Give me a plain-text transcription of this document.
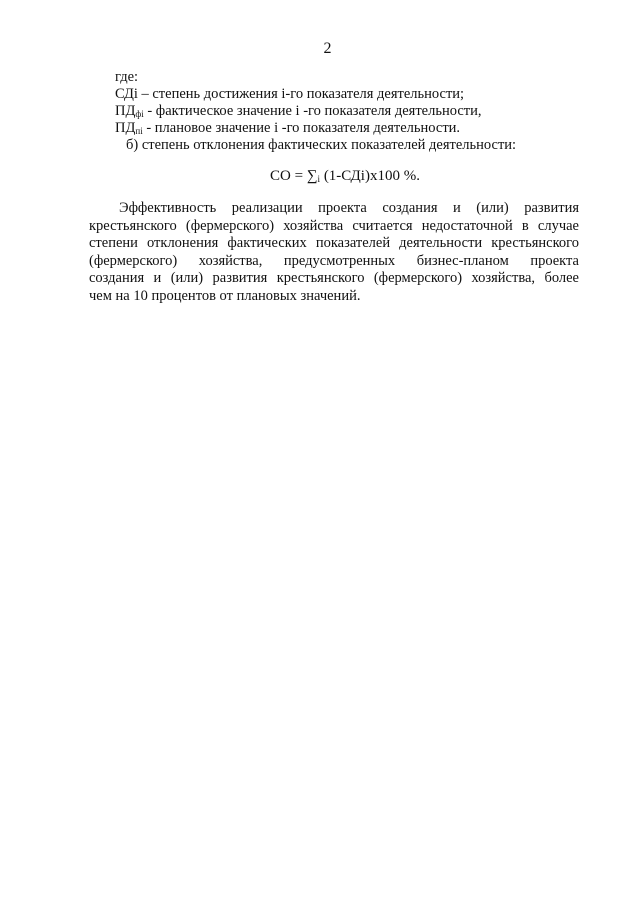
2
где:
СДi – степень достижения i-го показателя деятельности;
$ПД_{фi}$ - фактическое значение i -го показателя деятельности,
$ПД_{пi}$ - плановое значение i -го показателя деятельности.
б) степень отклонения фактических показателей деятельности:
СО = $\sum_i$ (1-СДi)х100 %.
Эффективность реализации проекта создания и (или) развития
крестьянского (фермерского) хозяйства считается недостаточной в случае
степени отклонения фактических показателей деятельности крестьянского
(фермерского) хозяйства, предусмотренных бизнес-планом проекта
создания и (или) развития крестьянского (фермерского) хозяйства, более
чем на 10 процентов от плановых значений.
